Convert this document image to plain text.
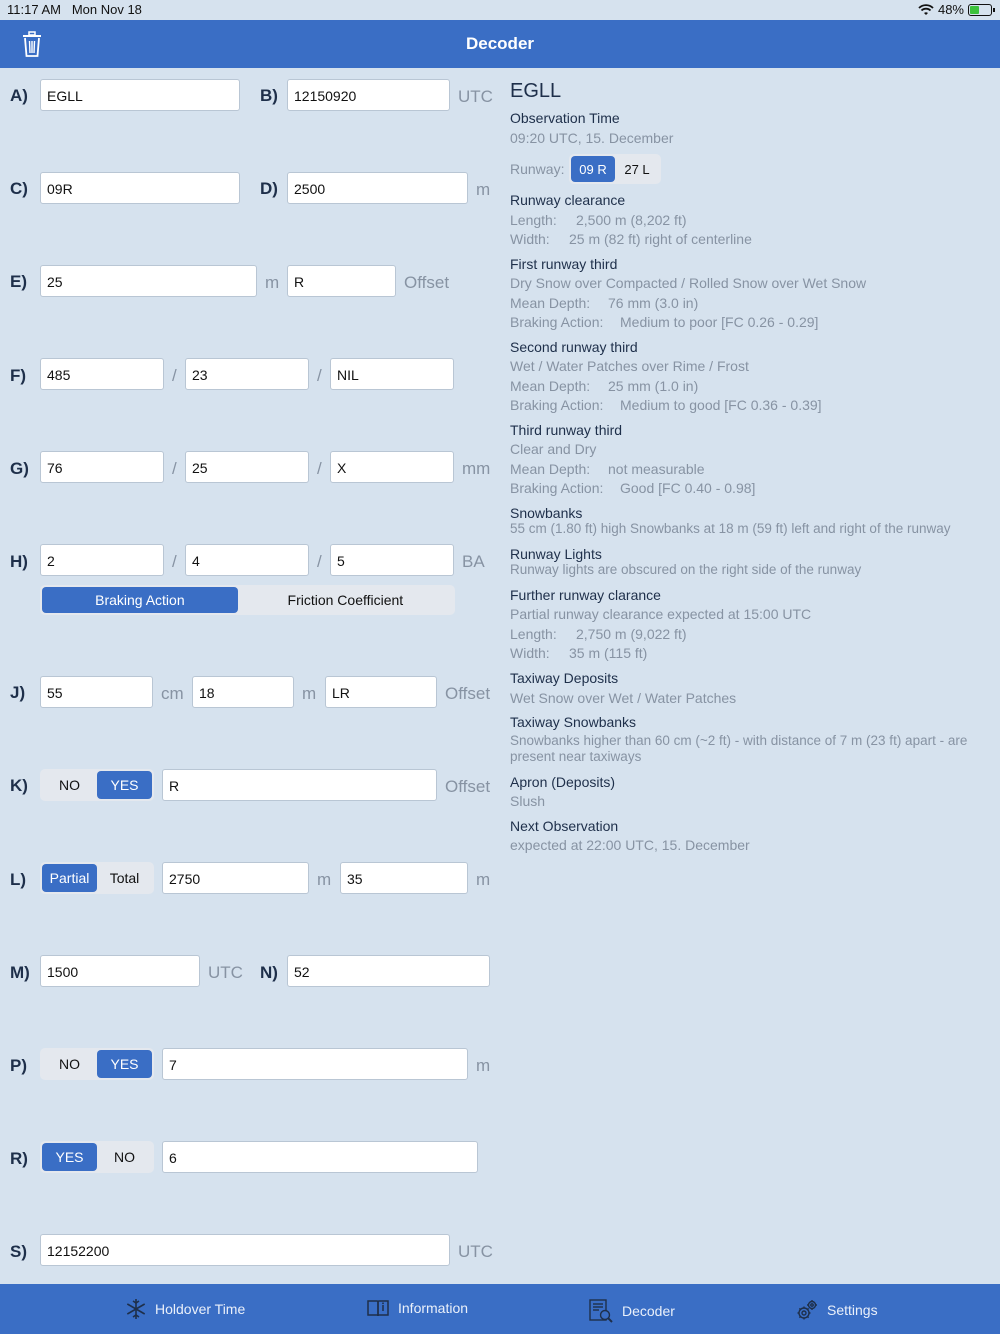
11:17 AM Mon Nov 18	48%
Decoder
A)	EGLL	B)	12150920	UTC
C)	09R	D)	2500	m
E)	25	m	R	Offset
F)	485	/	23	/	NIL
G)	76	/	25	/	X	mm
H)	2	/	4	/	5	BA
Braking Action	Friction Coefficient
J)	55	cm	18	m	LR	Offset
K)	NO	YES	R	Offset
L)	Partial	Total	2750	m	35	m
M)	1500	UTC N)	52
P)	NO	YES	7	m
R)	YES	NO	6
S)	12152200	UTC
EGLL
Observation Time
09:20 UTC, 15. December
Runway:	09 R	27 L
Runway clearance
Length: 2,500 m (8,202 ft)
Width: 25 m (82 ft) right of centerline
First runway third
Dry Snow over Compacted / Rolled Snow over Wet Snow
Mean Depth: 76 mm (3.0 in)
Braking Action: Medium to poor [FC 0.26 - 0.29]
Second runway third
Wet / Water Patches over Rime / Frost
Mean Depth: 25 mm (1.0 in)
Braking Action: Medium to good [FC 0.36 - 0.39]
Third runway third
Clear and Dry
Mean Depth: not measurable
Braking Action: Good [FC 0.40 - 0.98]
Snowbanks
55 cm (1.80 ft) high Snowbanks at 18 m (59 ft) left and right of the runway
Runway Lights
Runway lights are obscured on the right side of the runway
Further runway clarance
Partial runway clearance expected at 15:00 UTC
Length: 2,750 m (9,022 ft)
Width: 35 m (115 ft)
Taxiway Deposits
Wet Snow over Wet / Water Patches
Taxiway Snowbanks
Snowbanks higher than 60 cm (~2 ft) - with distance of 7 m (23 ft) apart - are
present near taxiways
Apron (Deposits)
Slush
Next Observation
expected at 22:00 UTC, 15. December
Holdover Time	Information	Decoder	Settings
